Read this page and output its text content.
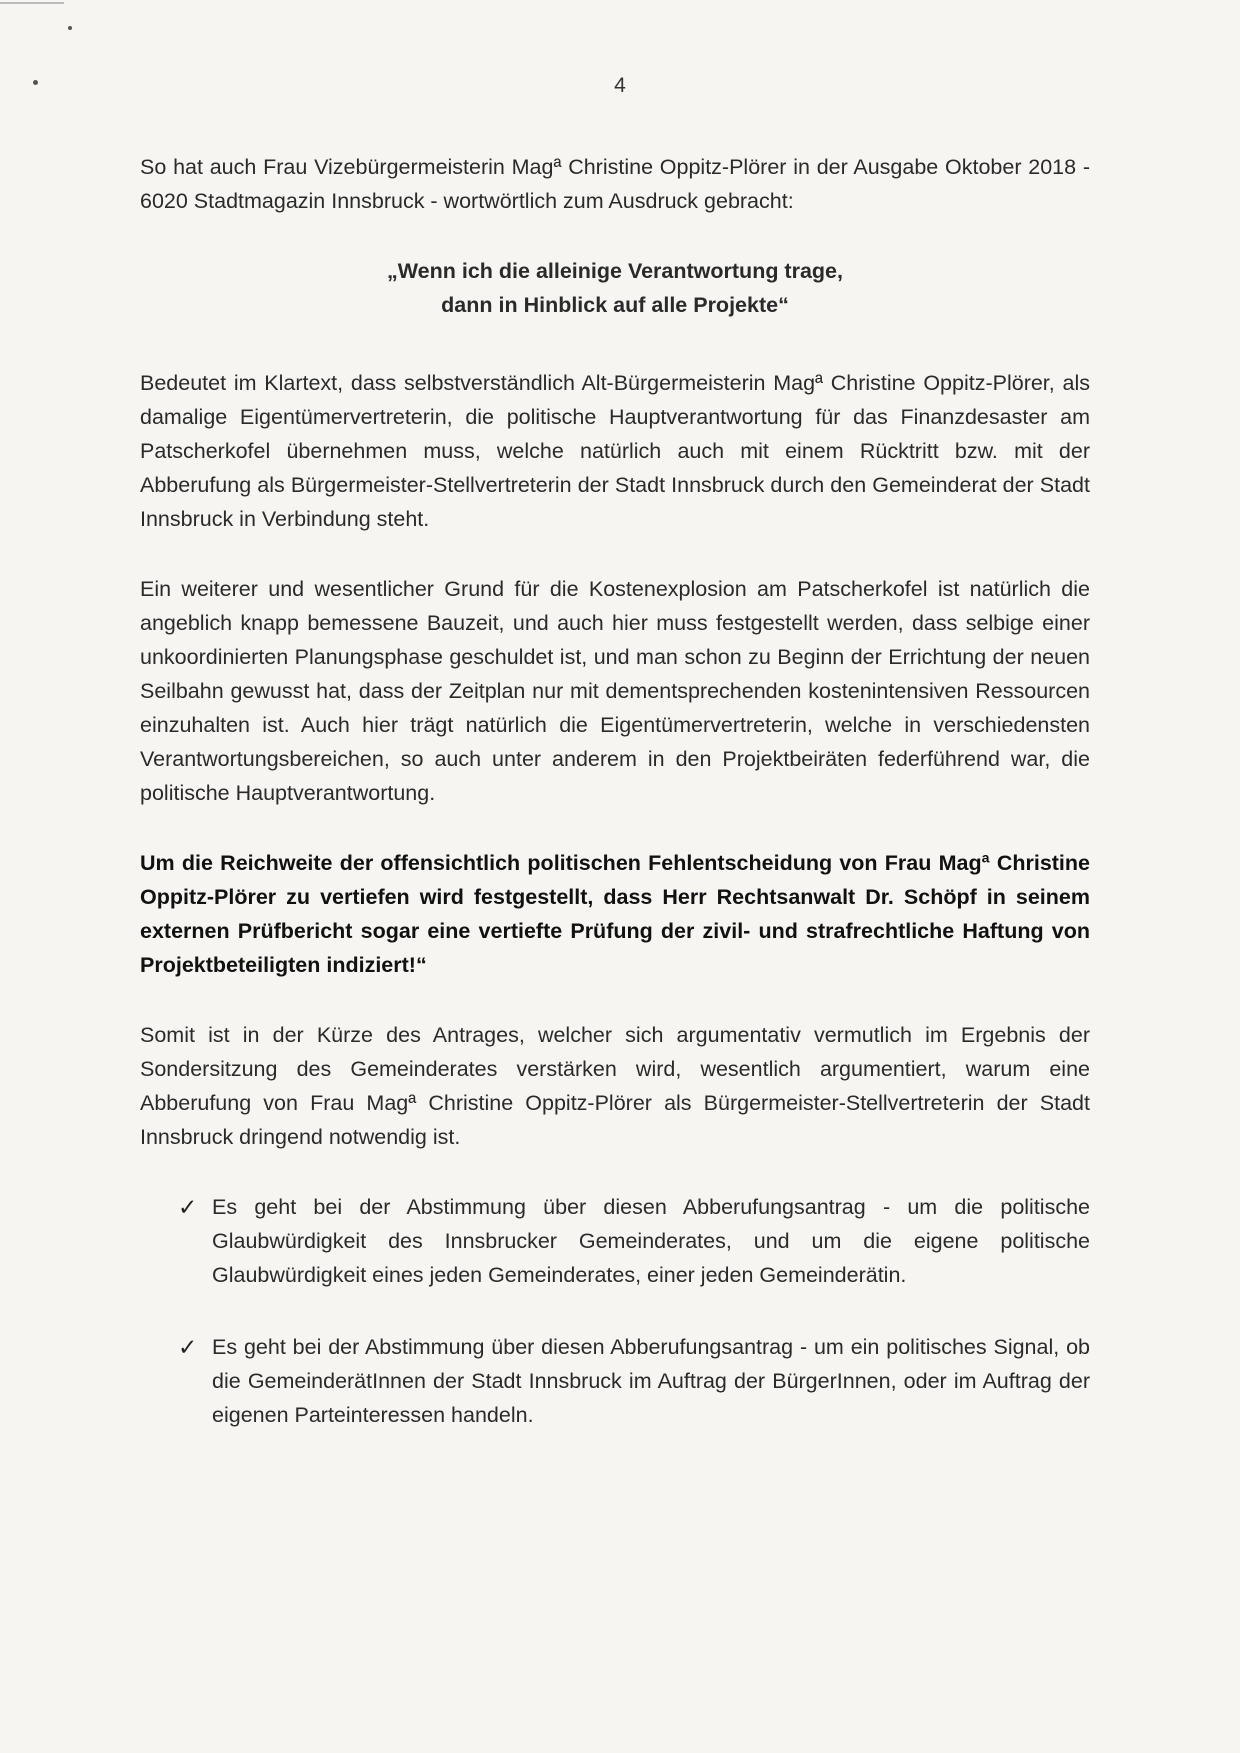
4

So hat auch Frau Vizebürgermeisterin Magª Christine Oppitz-Plörer in der Ausgabe Oktober 2018 - 6020 Stadtmagazin Innsbruck - wortwörtlich zum Ausdruck gebracht:

„Wenn ich die alleinige Verantwortung trage,
dann in Hinblick auf alle Projekte“

Bedeutet im Klartext, dass selbstverständlich Alt-Bürgermeisterin Magª Christine Oppitz-Plörer, als damalige Eigentümervertreterin, die politische Hauptverantwortung für das Finanzdesaster am Patscherkofel übernehmen muss, welche natürlich auch mit einem Rücktritt bzw. mit der Abberufung als Bürgermeister-Stellvertreterin der Stadt Innsbruck durch den Gemeinderat der Stadt Innsbruck in Verbindung steht.

Ein weiterer und wesentlicher Grund für die Kostenexplosion am Patscherkofel ist natürlich die angeblich knapp bemessene Bauzeit, und auch hier muss festgestellt werden, dass selbige einer unkoordinierten Planungsphase geschuldet ist, und man schon zu Beginn der Errichtung der neuen Seilbahn gewusst hat, dass der Zeitplan nur mit dementsprechenden kostenintensiven Ressourcen einzuhalten ist. Auch hier trägt natürlich die Eigentümervertreterin, welche in verschiedensten Verantwortungsbereichen, so auch unter anderem in den Projektbeiräten federführend war, die politische Hauptverantwortung.

Um die Reichweite der offensichtlich politischen Fehlentscheidung von Frau Magª Christine Oppitz-Plörer zu vertiefen wird festgestellt, dass Herr Rechtsanwalt Dr. Schöpf in seinem externen Prüfbericht sogar eine vertiefte Prüfung der zivil- und strafrechtliche Haftung von Projektbeteiligten indiziert!“

Somit ist in der Kürze des Antrages, welcher sich argumentativ vermutlich im Ergebnis der Sondersitzung des Gemeinderates verstärken wird, wesentlich argumentiert, warum eine Abberufung von Frau Magª Christine Oppitz-Plörer als Bürgermeister-Stellvertreterin der Stadt Innsbruck dringend notwendig ist.

✓ Es geht bei der Abstimmung über diesen Abberufungsantrag - um die politische Glaubwürdigkeit des Innsbrucker Gemeinderates, und um die eigene politische Glaubwürdigkeit eines jeden Gemeinderates, einer jeden Gemeinderätin.
✓ Es geht bei der Abstimmung über diesen Abberufungsantrag - um ein politisches Signal, ob die GemeinderätInnen der Stadt Innsbruck im Auftrag der BürgerInnen, oder im Auftrag der eigenen Parteinteressen handeln.
